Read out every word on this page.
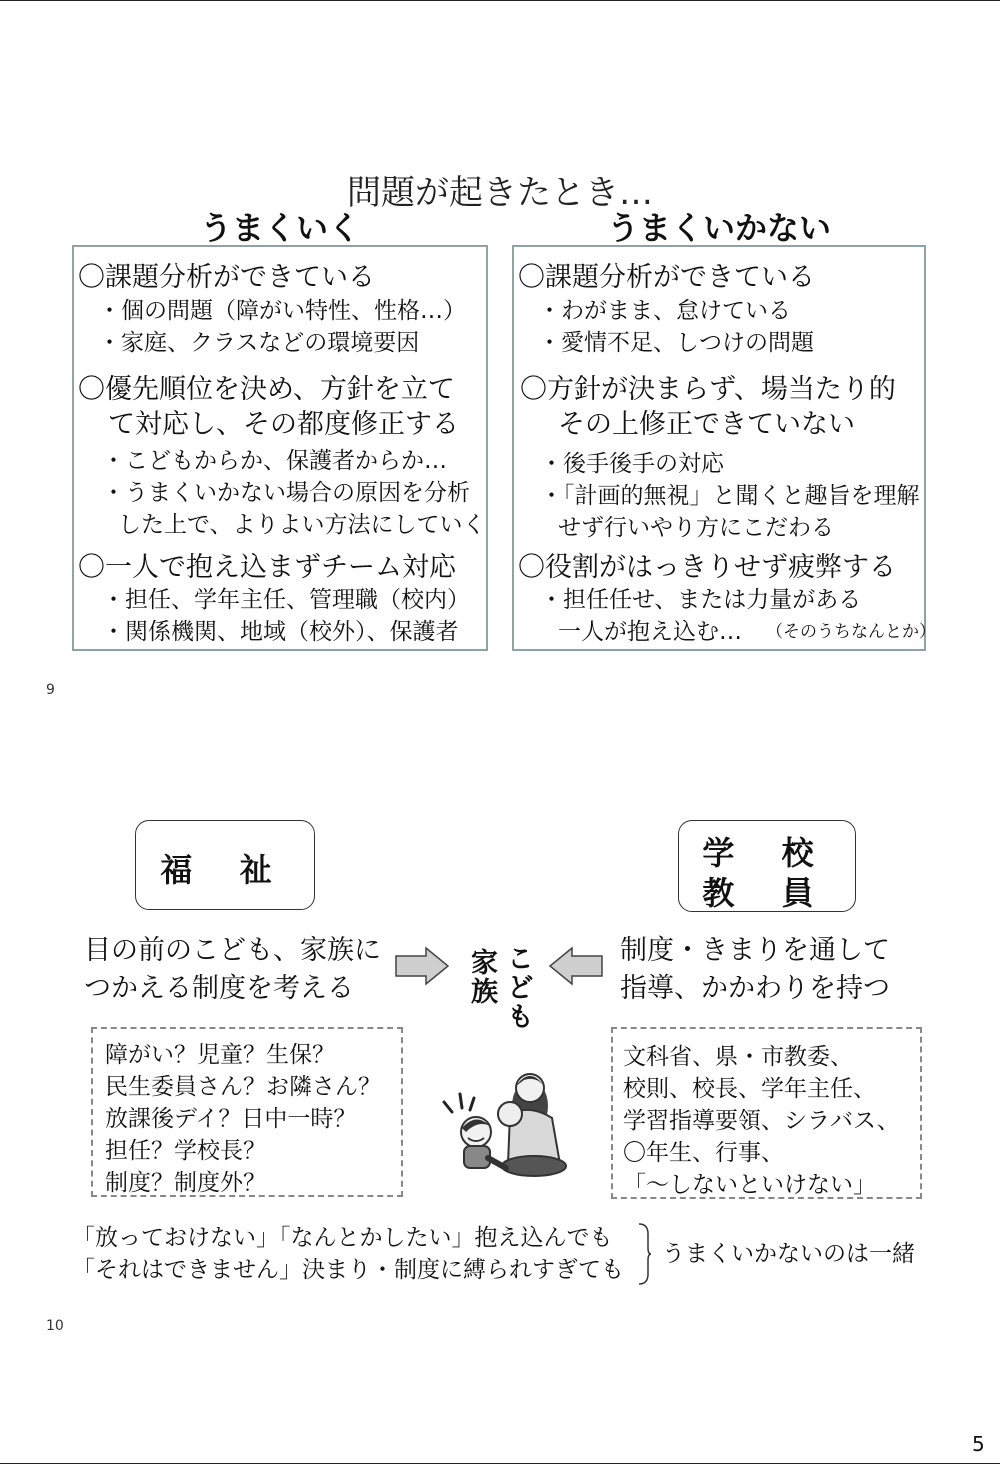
問題が起きたとき…
うまくいく	うまくいかない
〇課題分析ができている
・個の問題（障がい特性、性格…）
・家庭、クラスなどの環境要因
〇優先順位を決め、方針を立て
て対応し、その都度修正する
・こどもからか、保護者からか…
・うまくいかない場合の原因を分析
した上で、よりよい方法にしていく
〇一人で抱え込まずチーム対応
・担任、学年主任、管理職（校内）
・関係機関、地域（校外）、保護者
〇課題分析ができている
・わがまま、怠けている
・愛情不足、しつけの問題
〇方針が決まらず、場当たり的
その上修正できていない
・後手後手の対応
・「計画的無視」と聞くと趣旨を理解
せず行いやり方にこだわる
〇役割がはっきりせず疲弊する
・担任任せ、または力量がある
一人が抱え込む… （そのうちなんとか）
9
福 祉	学 校
教 員
目の前のこども、家族に
つかえる制度を考える
制度・きまりを通して
指導、かかわりを持つ
こども
家族
障がい？児童？生保？
民生委員さん？お隣さん？
放課後デイ？日中一時？
担任？学校長？
制度？制度外？
文科省、県・市教委、
校則、校長、学年主任、
学習指導要領、シラバス、
〇年生、行事、
「～しないといけない」
「放っておけない」「なんとかしたい」抱え込んでも
「それはできません」決まり・制度に縛られすぎても
うまくいかないのは一緒
10
5
